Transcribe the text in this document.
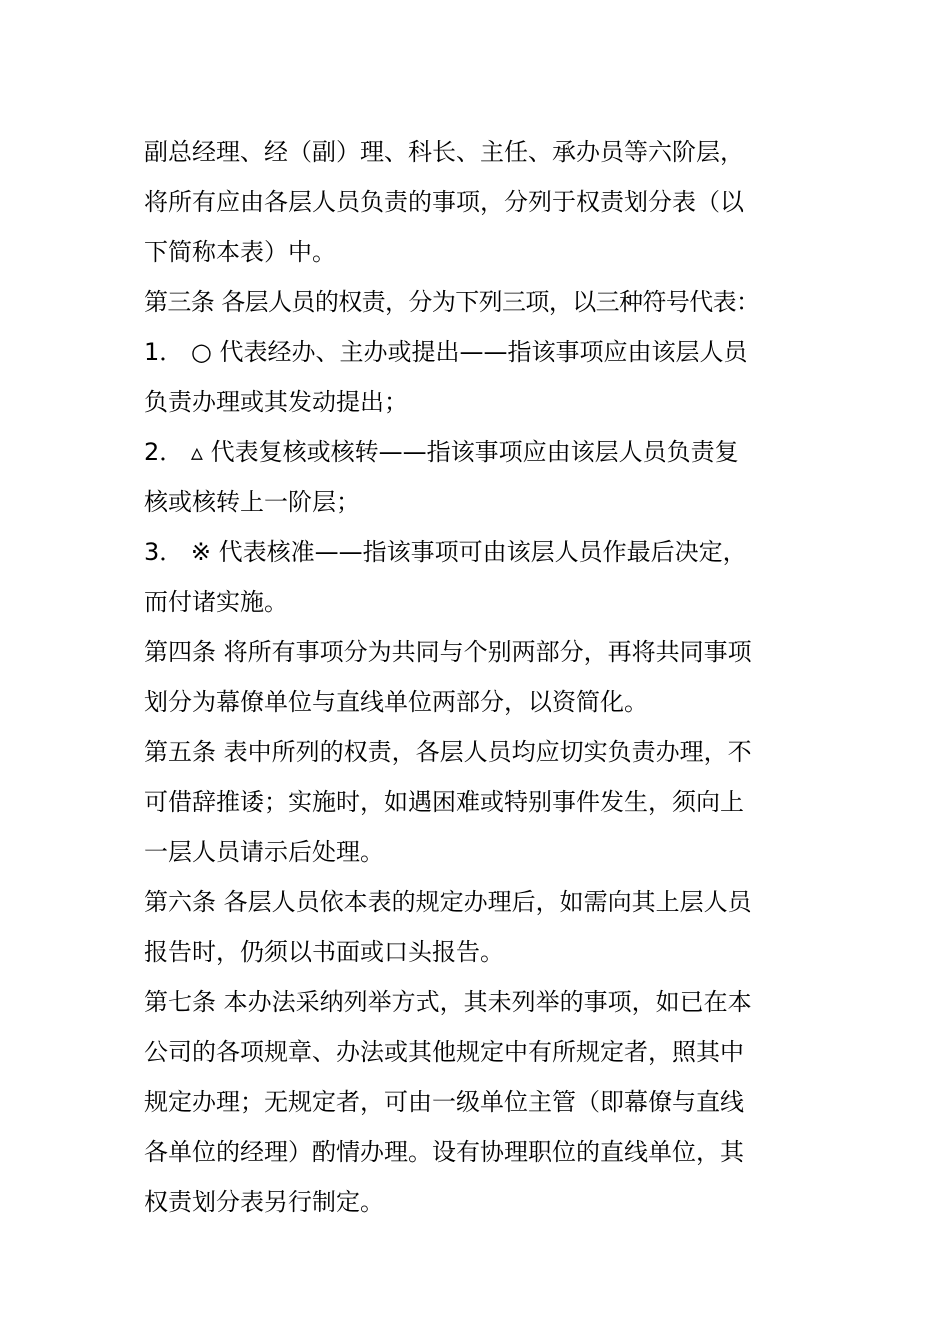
副总经理、经（副）理、科长、主任、承办员等六阶层，
将所有应由各层人员负责的事项，分列于权责划分表（以
下简称本表）中。
第三条 各层人员的权责，分为下列三项，以三种符号代表：
1． ○ 代表经办、主办或提出——指该事项应由该层人员
负责办理或其发动提出；
2． ▵ 代表复核或核转——指该事项应由该层人员负责复
核或核转上一阶层；
3． ※ 代表核准——指该事项可由该层人员作最后决定，
而付诸实施。
第四条 将所有事项分为共同与个别两部分，再将共同事项
划分为幕僚单位与直线单位两部分，以资简化。
第五条 表中所列的权责，各层人员均应切实负责办理，不
可借辞推诿；实施时，如遇困难或特别事件发生，须向上
一层人员请示后处理。
第六条 各层人员依本表的规定办理后，如需向其上层人员
报告时，仍须以书面或口头报告。
第七条 本办法采纳列举方式，其未列举的事项，如已在本
公司的各项规章、办法或其他规定中有所规定者，照其中
规定办理；无规定者，可由一级单位主管（即幕僚与直线
各单位的经理）酌情办理。设有协理职位的直线单位，其
权责划分表另行制定。
